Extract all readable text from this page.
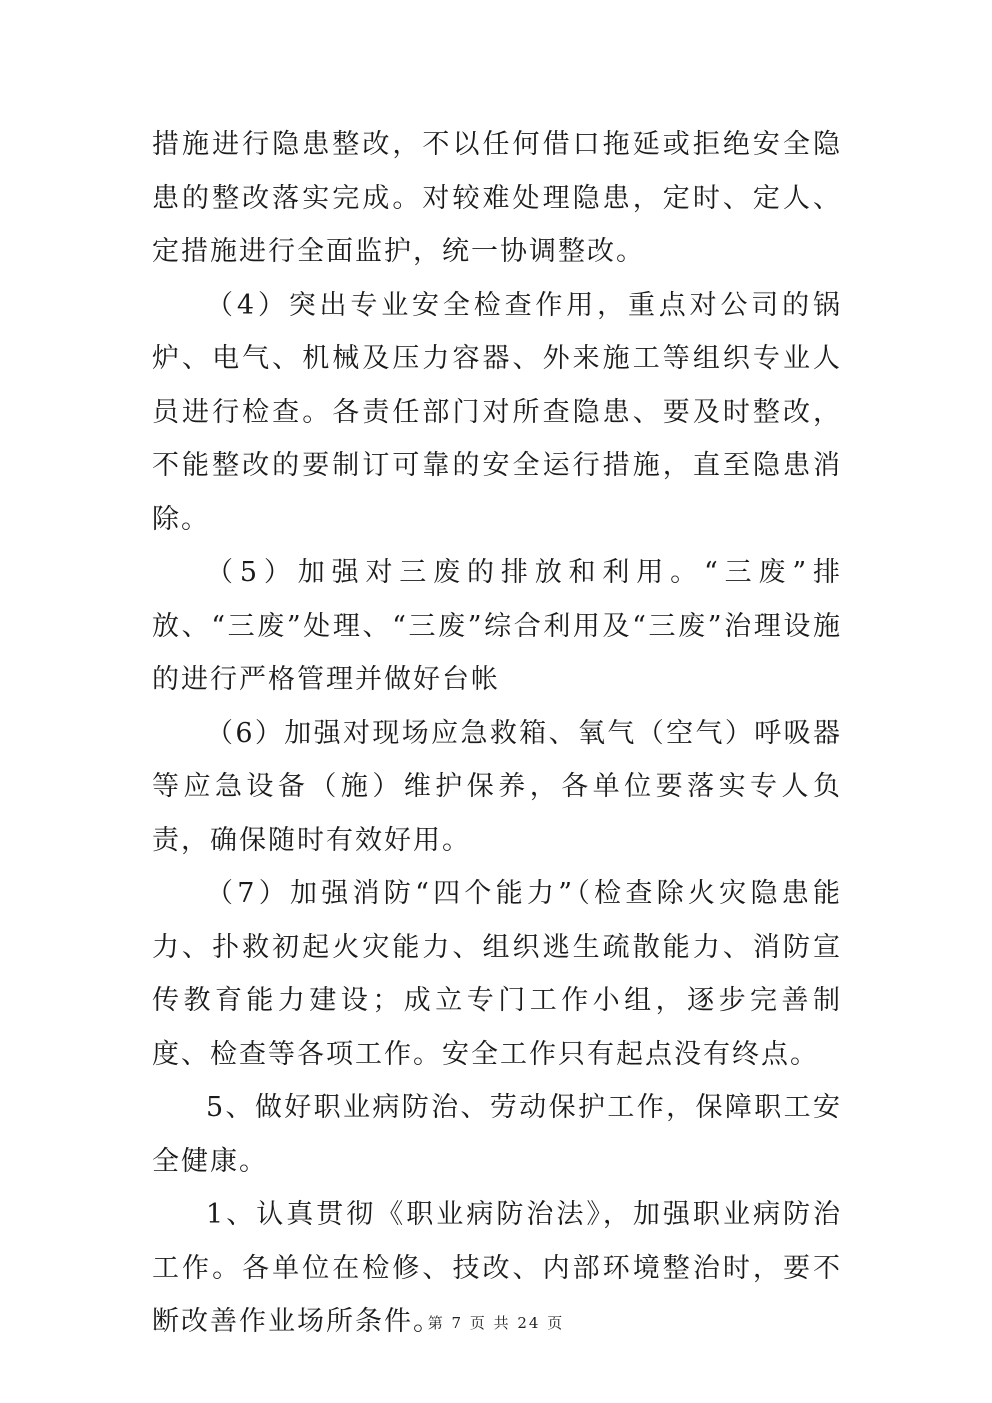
措施进行隐患整改，不以任何借口拖延或拒绝安全隐患的整改落实完成。对较难处理隐患，定时、定人、定措施进行全面监护，统一协调整改。

（4）突出专业安全检查作用，重点对公司的锅炉、电气、机械及压力容器、外来施工等组织专业人员进行检查。各责任部门对所查隐患、要及时整改，不能整改的要制订可靠的安全运行措施，直至隐患消除。

（5）加强对三废的排放和利用。“三废”排放、“三废”处理、“三废”综合利用及“三废”治理设施的进行严格管理并做好台帐

（6）加强对现场应急救箱、氧气（空气）呼吸器等应急设备（施）维护保养，各单位要落实专人负责，确保随时有效好用。

（7）加强消防“四个能力”（检查除火灾隐患能力、扑救初起火灾能力、组织逃生疏散能力、消防宣传教育能力建设；成立专门工作小组，逐步完善制度、检查等各项工作。安全工作只有起点没有终点。

5、做好职业病防治、劳动保护工作，保障职工安全健康。

1、认真贯彻《职业病防治法》，加强职业病防治工作。各单位在检修、技改、内部环境整治时，要不断改善作业场所条件。

第 7 页 共 24 页
